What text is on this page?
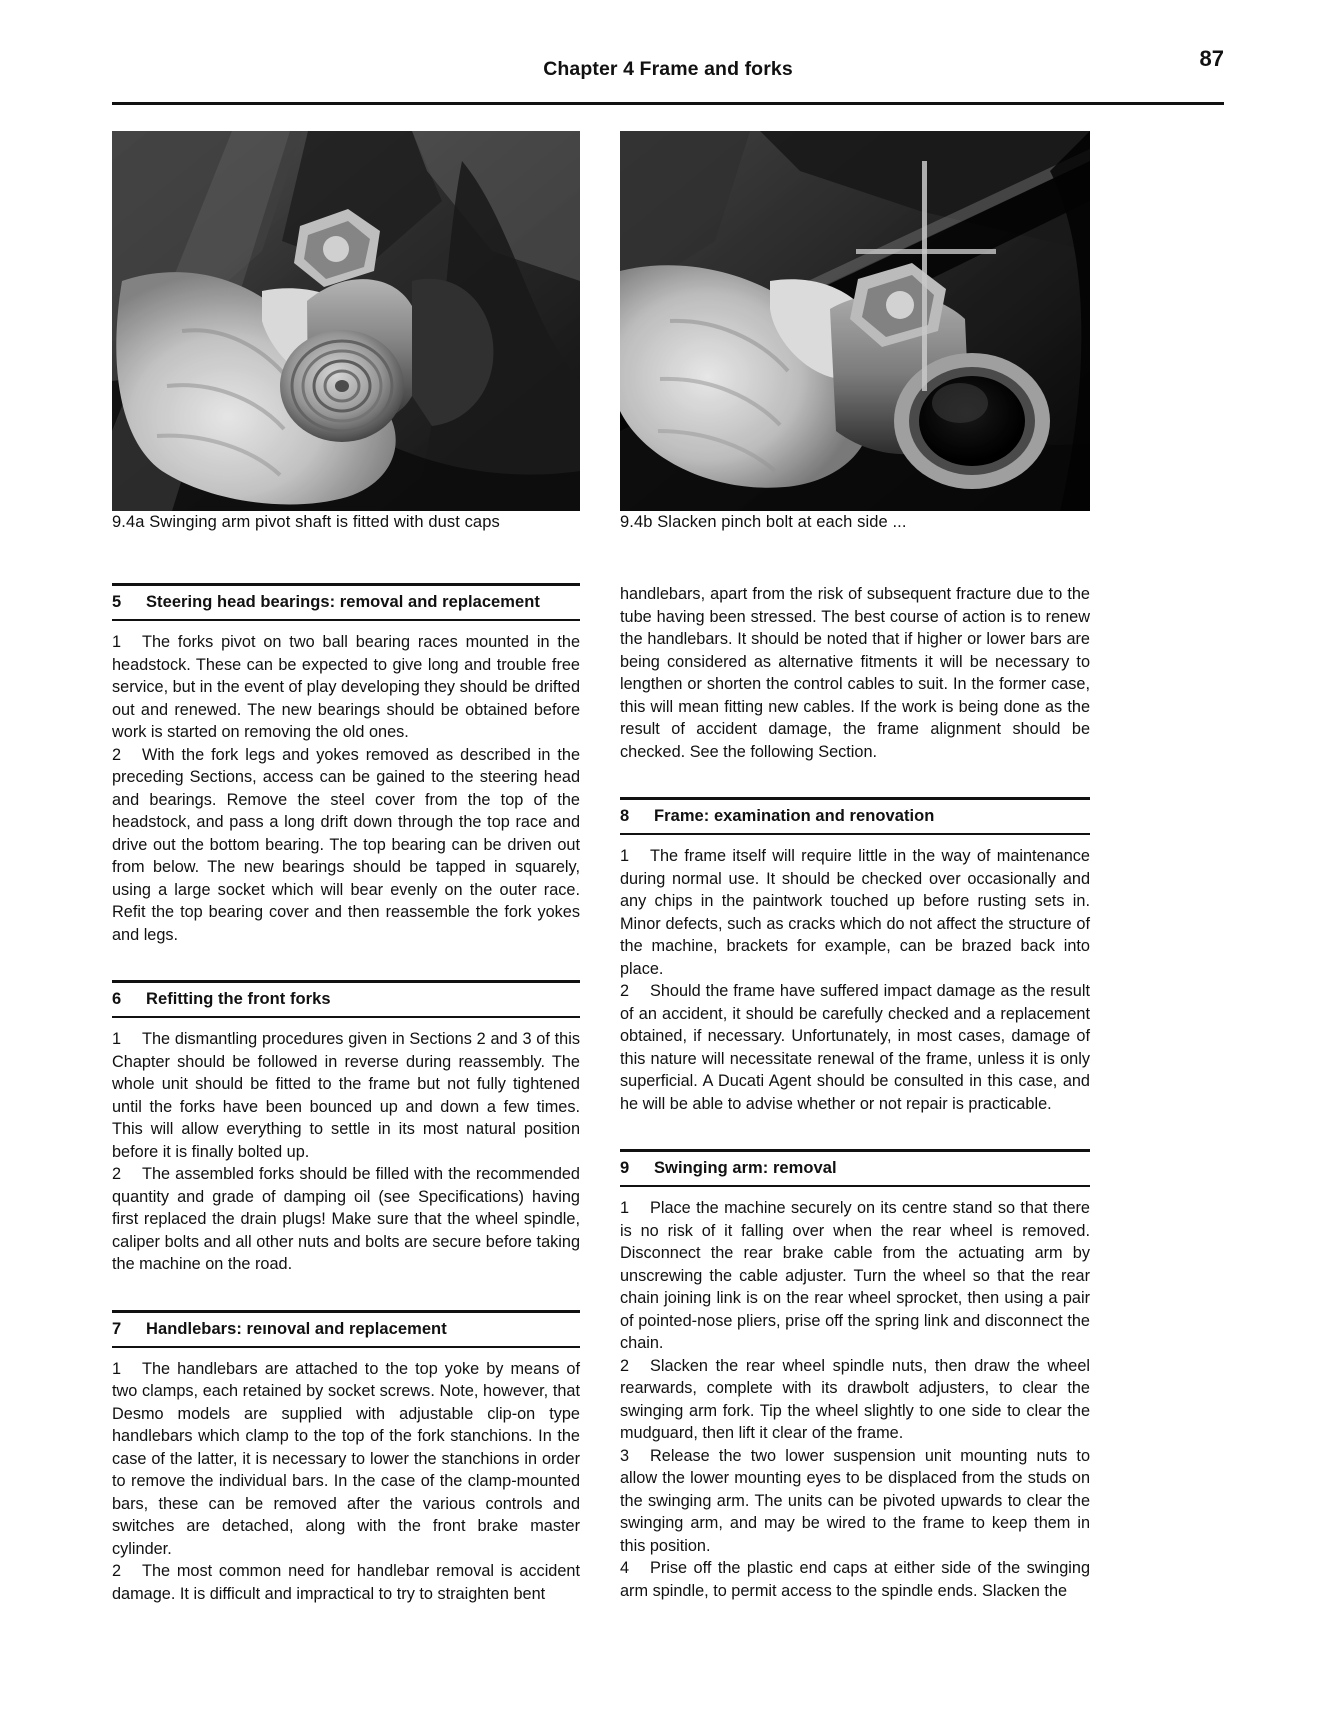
Chapter 4 Frame and forks	87
9.4a Swinging arm pivot shaft is fitted with dust caps	9.4b Slacken pinch bolt at each side ...
5	Steering head bearings: removal and replacement

1 The forks pivot on two ball bearing races mounted in the headstock. These can be expected to give long and trouble free service, but in the event of play developing they should be drifted out and renewed. The new bearings should be obtained before work is started on removing the old ones.

2 With the fork legs and yokes removed as described in the preceding Sections, access can be gained to the steering head and bearings. Remove the steel cover from the top of the headstock, and pass a long drift down through the top race and drive out the bottom bearing. The top bearing can be driven out from below. The new bearings should be tapped in squarely, using a large socket which will bear evenly on the outer race. Refit the top bearing cover and then reassemble the fork yokes and legs.

6	Refitting the front forks

1 The dismantling procedures given in Sections 2 and 3 of this Chapter should be followed in reverse during reassembly. The whole unit should be fitted to the frame but not fully tightened until the forks have been bounced up and down a few times. This will allow everything to settle in its most natural position before it is finally bolted up.

2 The assembled forks should be filled with the recommended quantity and grade of damping oil (see Specifications) having first replaced the drain plugs! Make sure that the wheel spindle, caliper bolts and all other nuts and bolts are secure before taking the machine on the road.

7	Handlebars: reınoval and replacement

1 The handlebars are attached to the top yoke by means of two clamps, each retained by socket screws. Note, however, that Desmo models are supplied with adjustable clip-on type handlebars which clamp to the top of the fork stanchions. In the case of the latter, it is necessary to lower the stanchions in order to remove the individual bars. In the case of the clamp-mounted bars, these can be removed after the various controls and switches are detached, along with the front brake master cylinder.

2 The most common need for handlebar removal is accident damage. It is difficult and impractical to try to straighten bent

handlebars, apart from the risk of subsequent fracture due to the tube having been stressed. The best course of action is to renew the handlebars. It should be noted that if higher or lower bars are being considered as alternative fitments it will be necessary to lengthen or shorten the control cables to suit. In the former case, this will mean fitting new cables. If the work is being done as the result of accident damage, the frame alignment should be checked. See the following Section.

8	Frame: examination and renovation

1 The frame itself will require little in the way of maintenance during normal use. It should be checked over occasionally and any chips in the paintwork touched up before rusting sets in. Minor defects, such as cracks which do not affect the structure of the machine, brackets for example, can be brazed back into place.

2 Should the frame have suffered impact damage as the result of an accident, it should be carefully checked and a replacement obtained, if necessary. Unfortunately, in most cases, damage of this nature will necessitate renewal of the frame, unless it is only superficial. A Ducati Agent should be consulted in this case, and he will be able to advise whether or not repair is practicable.

9	Swinging arm: removal

1 Place the machine securely on its centre stand so that there is no risk of it falling over when the rear wheel is removed. Disconnect the rear brake cable from the actuating arm by unscrewing the cable adjuster. Turn the wheel so that the rear chain joining link is on the rear wheel sprocket, then using a pair of pointed-nose pliers, prise off the spring link and disconnect the chain.

2 Slacken the rear wheel spindle nuts, then draw the wheel rearwards, complete with its drawbolt adjusters, to clear the swinging arm fork. Tip the wheel slightly to one side to clear the mudguard, then lift it clear of the frame.

3 Release the two lower suspension unit mounting nuts to allow the lower mounting eyes to be displaced from the studs on the swinging arm. The units can be pivoted upwards to clear the swinging arm, and may be wired to the frame to keep them in this position.

4 Prise off the plastic end caps at either side of the swinging arm spindle, to permit access to the spindle ends. Slacken the
